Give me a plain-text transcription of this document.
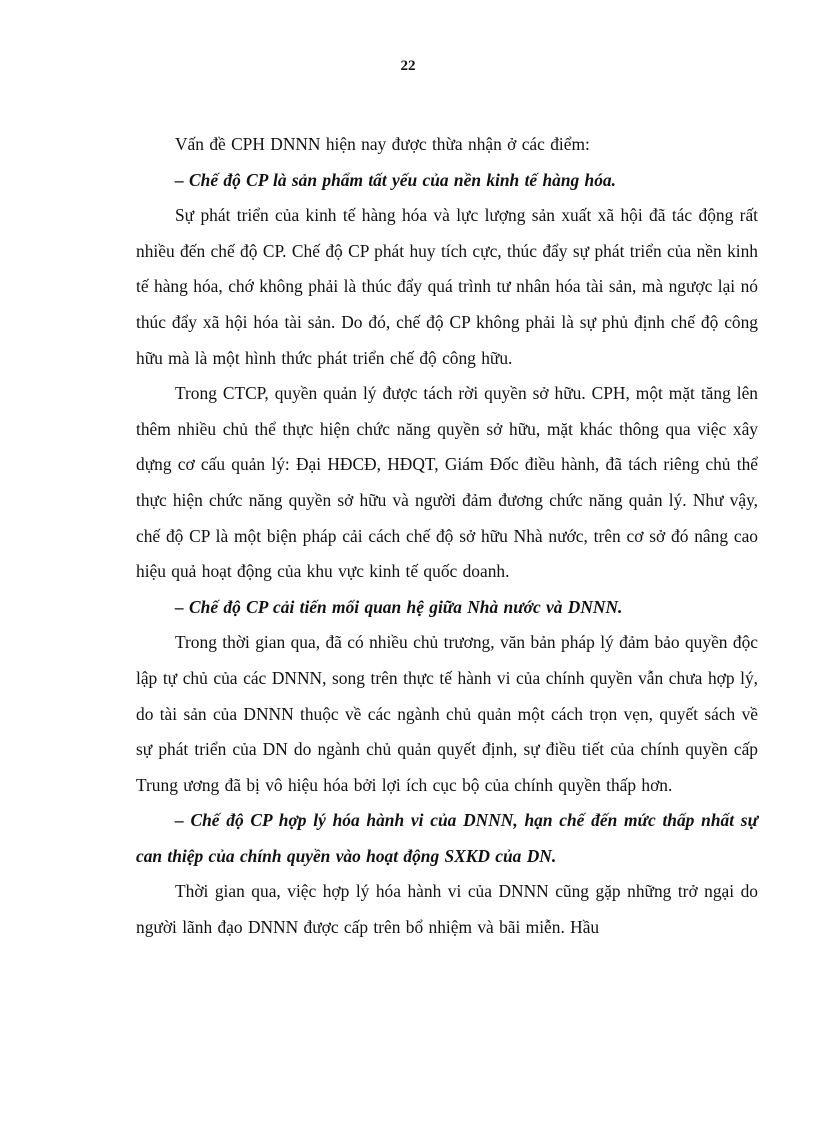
22

Vấn đề CPH DNNN hiện nay được thừa nhận ở các điểm:

– Chế độ CP là sản phẩm tất yếu của nền kinh tế hàng hóa.

Sự phát triển của kinh tế hàng hóa và lực lượng sản xuất xã hội đã tác động rất nhiều đến chế độ CP. Chế độ CP phát huy tích cực, thúc đẩy sự phát triển của nền kinh tế hàng hóa, chớ không phải là thúc đẩy quá trình tư nhân hóa tài sản, mà ngược lại nó thúc đẩy xã hội hóa tài sản. Do đó, chế độ CP không phải là sự phủ định chế độ công hữu mà là một hình thức phát triển chế độ công hữu.

Trong CTCP, quyền quản lý được tách rời quyền sở hữu. CPH, một mặt tăng lên thêm nhiều chủ thể thực hiện chức năng quyền sở hữu, mặt khác thông qua việc xây dựng cơ cấu quản lý: Đại HĐCĐ, HĐQT, Giám Đốc điều hành, đã tách riêng chủ thể thực hiện chức năng quyền sở hữu và người đảm đương chức năng quản lý. Như vậy, chế độ CP là một biện pháp cải cách chế độ sở hữu Nhà nước, trên cơ sở đó nâng cao hiệu quả hoạt động của khu vực kinh tế quốc doanh.

– Chế độ CP cải tiến mối quan hệ giữa Nhà nước và DNNN.

Trong thời gian qua, đã có nhiều chủ trương, văn bản pháp lý đảm bảo quyền độc lập tự chủ của các DNNN, song trên thực tế hành vi của chính quyền vẫn chưa hợp lý, do tài sản của DNNN thuộc về các ngành chủ quản một cách trọn vẹn, quyết sách về sự phát triển của DN do ngành chủ quản quyết định, sự điều tiết của chính quyền cấp Trung ương đã bị vô hiệu hóa bởi lợi ích cục bộ của chính quyền thấp hơn.

– Chế độ CP hợp lý hóa hành vi của DNNN, hạn chế đến mức thấp nhất sự can thiệp của chính quyền vào hoạt động SXKD của DN.

Thời gian qua, việc hợp lý hóa hành vi của DNNN cũng gặp những trở ngại do người lãnh đạo DNNN được cấp trên bổ nhiệm và bãi miễn. Hầu
